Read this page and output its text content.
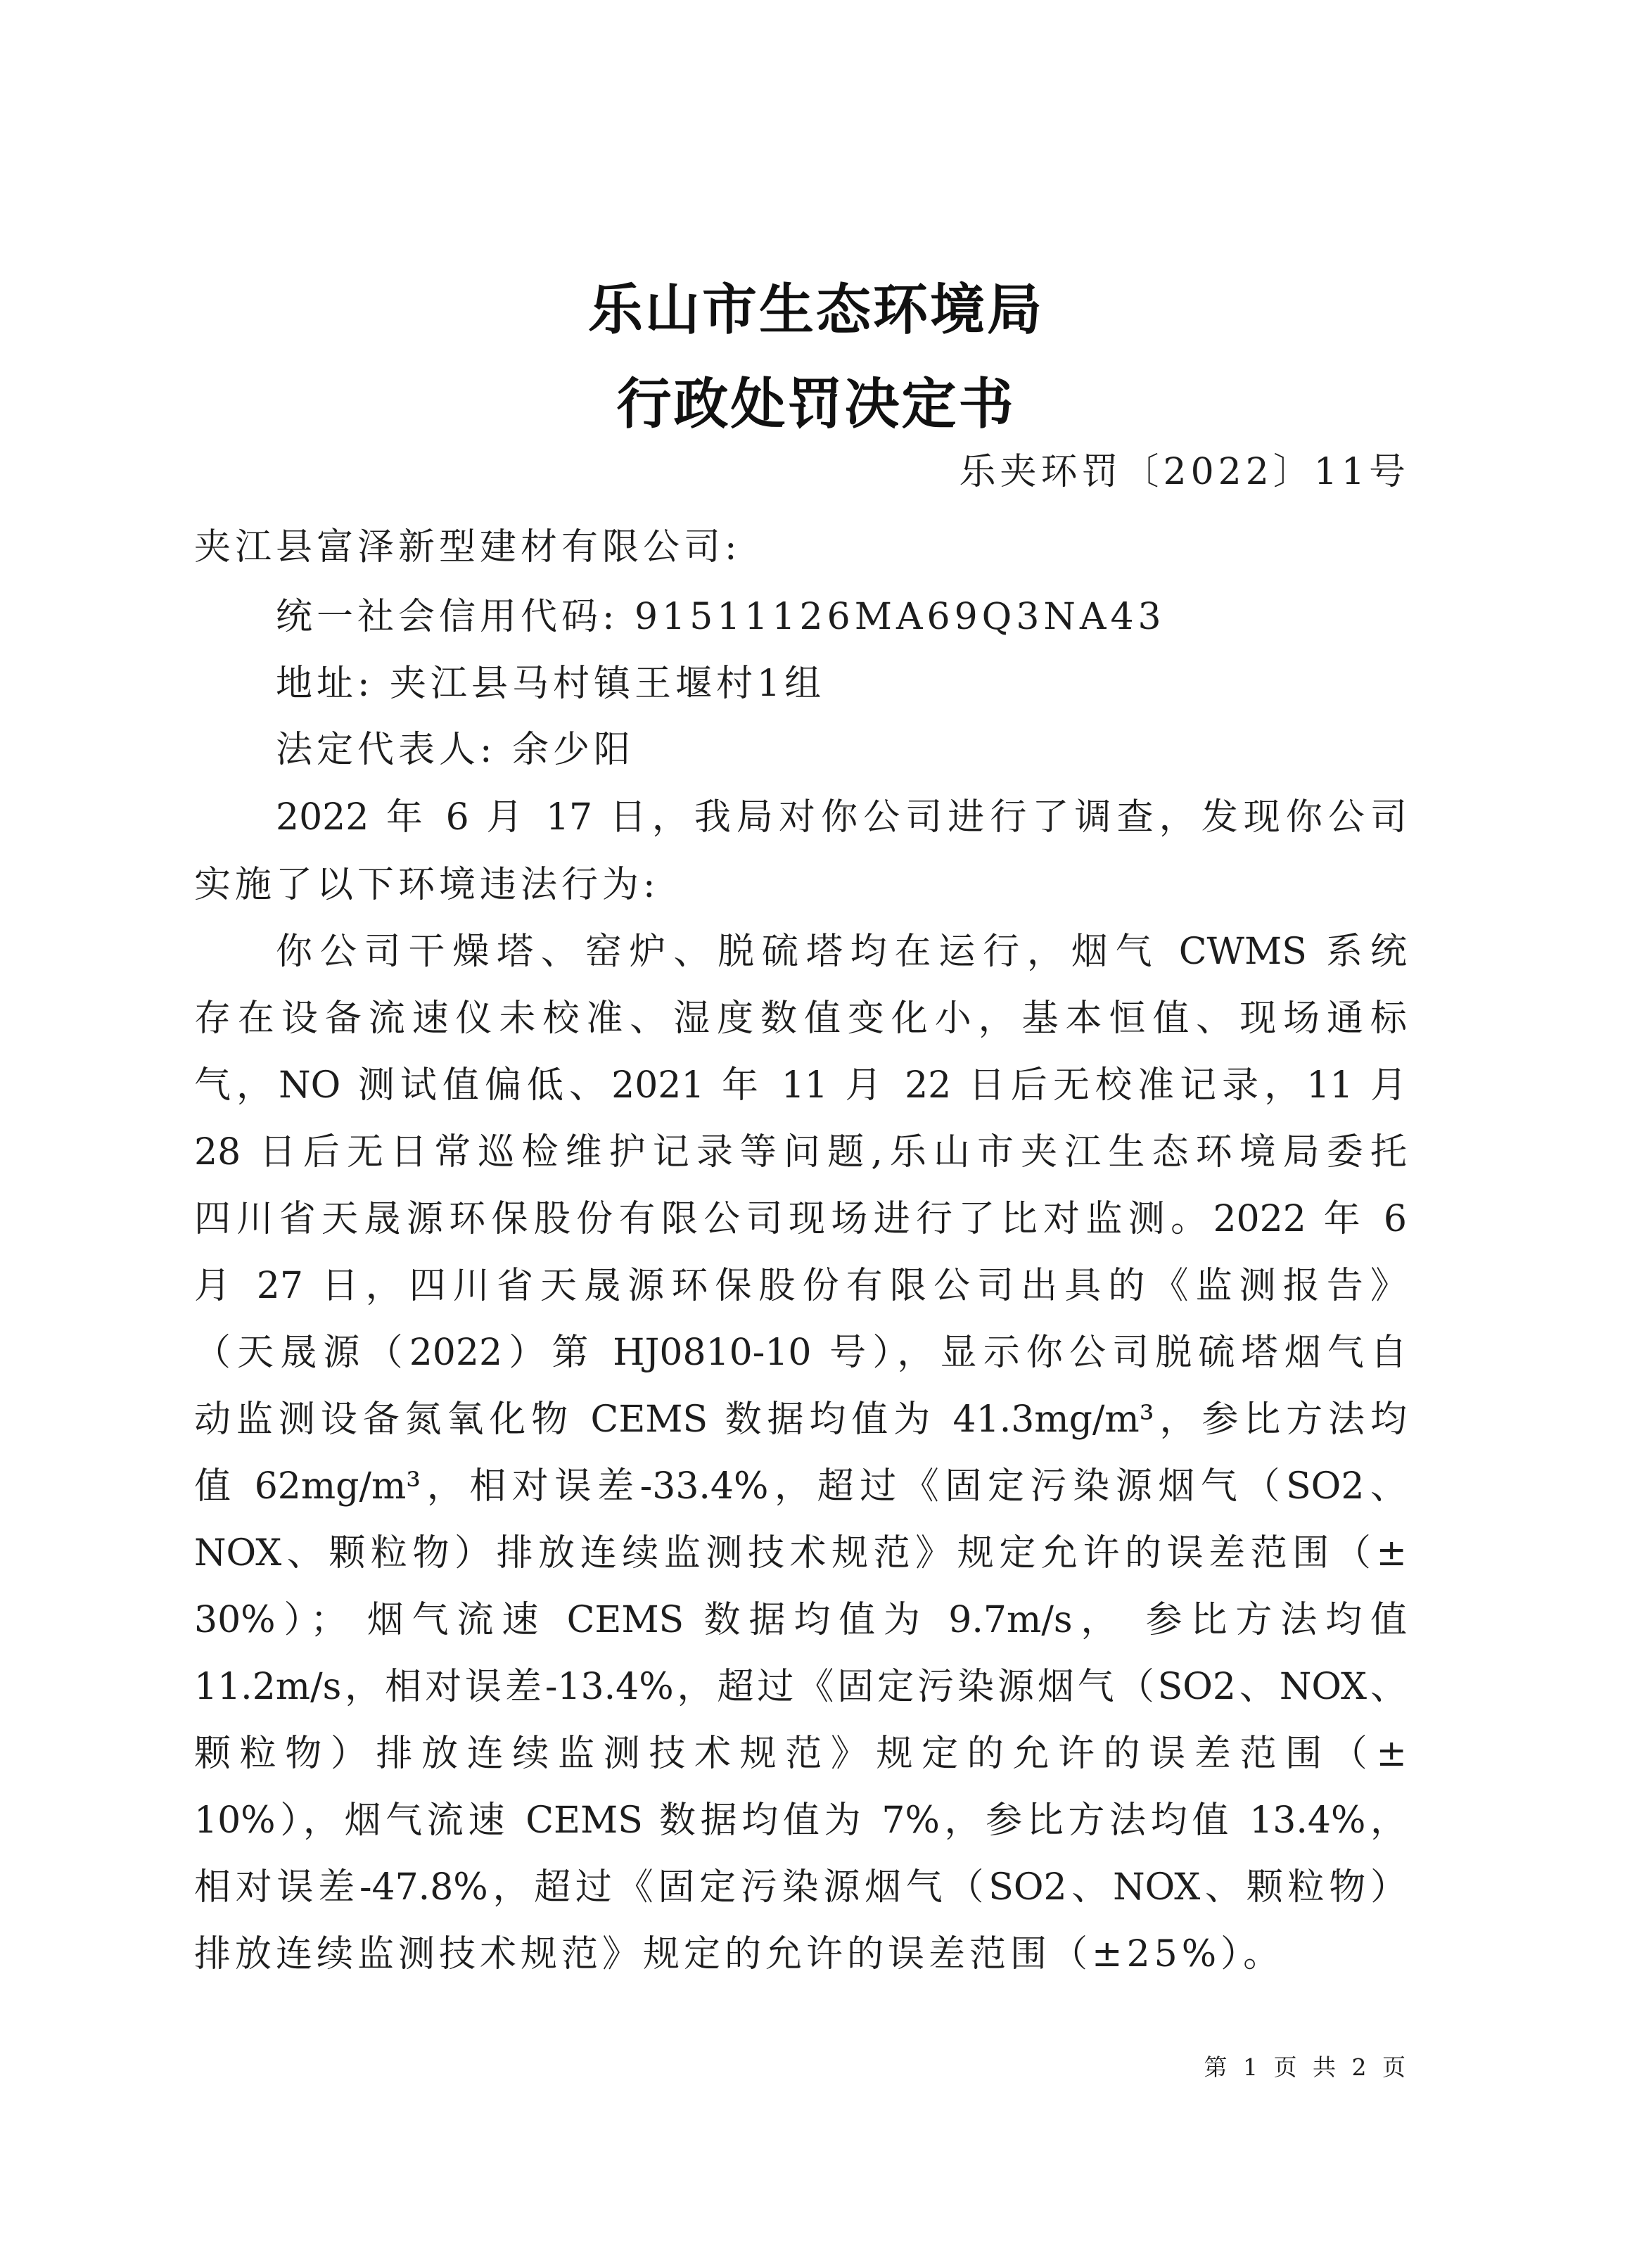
乐山市生态环境局
行政处罚决定书
乐夹环罚〔2022〕11号
夹江县富泽新型建材有限公司:
统一社会信用代码: 91511126MA69Q3NA43
地址: 夹江县马村镇王堰村1组
法定代表人: 余少阳
2022 年 6 月 17 日，我局对你公司进行了调查，发现你公司
实施了以下环境违法行为:
你公司干燥塔、窑炉、脱硫塔均在运行，烟气 CWMS 系统
存在设备流速仪未校准、湿度数值变化小，基本恒值、现场通标
气，NO 测试值偏低、2021 年 11 月 22 日后无校准记录，11 月
28 日后无日常巡检维护记录等问题,乐山市夹江生态环境局委托
四川省天晟源环保股份有限公司现场进行了比对监测。2022 年 6
月 27 日，四川省天晟源环保股份有限公司出具的《监测报告》
（天晟源（2022）第 HJ0810-10 号），显示你公司脱硫塔烟气自
动监测设备氮氧化物 CEMS 数据均值为 41.3mg/m³，参比方法均
值 62mg/m³，相对误差-33.4%，超过《固定污染源烟气（SO2、
NOX、颗粒物）排放连续监测技术规范》规定允许的误差范围（±
30%）； 烟气流速 CEMS 数据均值为 9.7m/s， 参比方法均值
11.2m/s，相对误差-13.4%，超过《固定污染源烟气（SO2、NOX、
颗粒物）排放连续监测技术规范》规定的允许的误差范围（±
10%），烟气流速 CEMS 数据均值为 7%，参比方法均值 13.4%，
相对误差-47.8%，超过《固定污染源烟气（SO2、NOX、颗粒物）
排放连续监测技术规范》规定的允许的误差范围（±25%）。
第 1 页 共 2 页
